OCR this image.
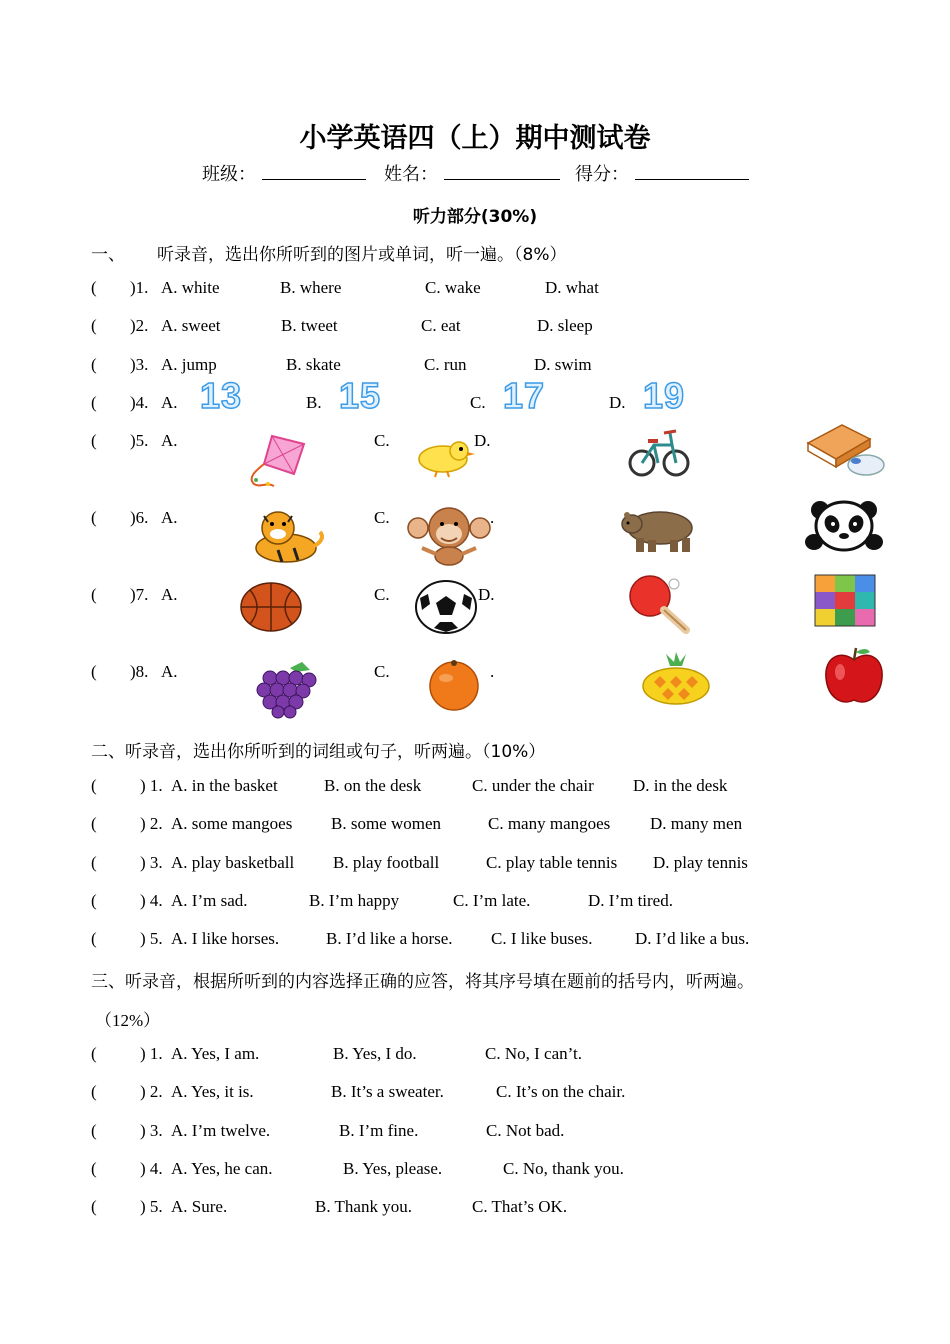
小学英语四（上）期中测试卷
班级：	姓名：	得分：
听力部分(30%)
一、 听录音，选出你所听到的图片或单词，听一遍。（8%）
( )1. A. white	B. where	C. wake	D. what
( )2. A. sweet	B. tweet	C. eat	D. sleep
( )3. A. jump	B. skate	C. run	D. swim
( )4. A. 13	B. 15	C. 17	D. 19
( )5. A.	C.	D.
( )6. A.	C.	.
( )7. A.	C.	D.
( )8. A.	C.	.
二、听录音，选出你所听到的词组或句子，听两遍。（10%）
(	) 1. A. in the basket	B. on the desk	C. under the chair D. in the desk
(	) 2. A. some mangoes B. some women	C. many mangoes D. many men
(	) 3. A. play basketball B. play football	C. play table tennis D. play tennis
(	) 4. A. I’m sad.	B. I’m happy	C. I’m late.	D. I’m tired.
(	) 5. A. I like horses.	B. I’d like a horse. C. I like buses. D. I’d like a bus.
三、听录音，根据所听到的内容选择正确的应答，将其序号填在题前的括号内，听两遍。
（12%）
(	) 1. A. Yes, I am.	B. Yes, I do.	C. No, I can’t.
(	) 2. A. Yes, it is.	B. It’s a sweater.	C. It’s on the chair.
(	) 3. A. I’m twelve.	B. I’m fine.	C. Not bad.
(	) 4. A. Yes, he can.	B. Yes, please.	C. No, thank you.
(	) 5. A. Sure.	B. Thank you.	C. That’s OK.
